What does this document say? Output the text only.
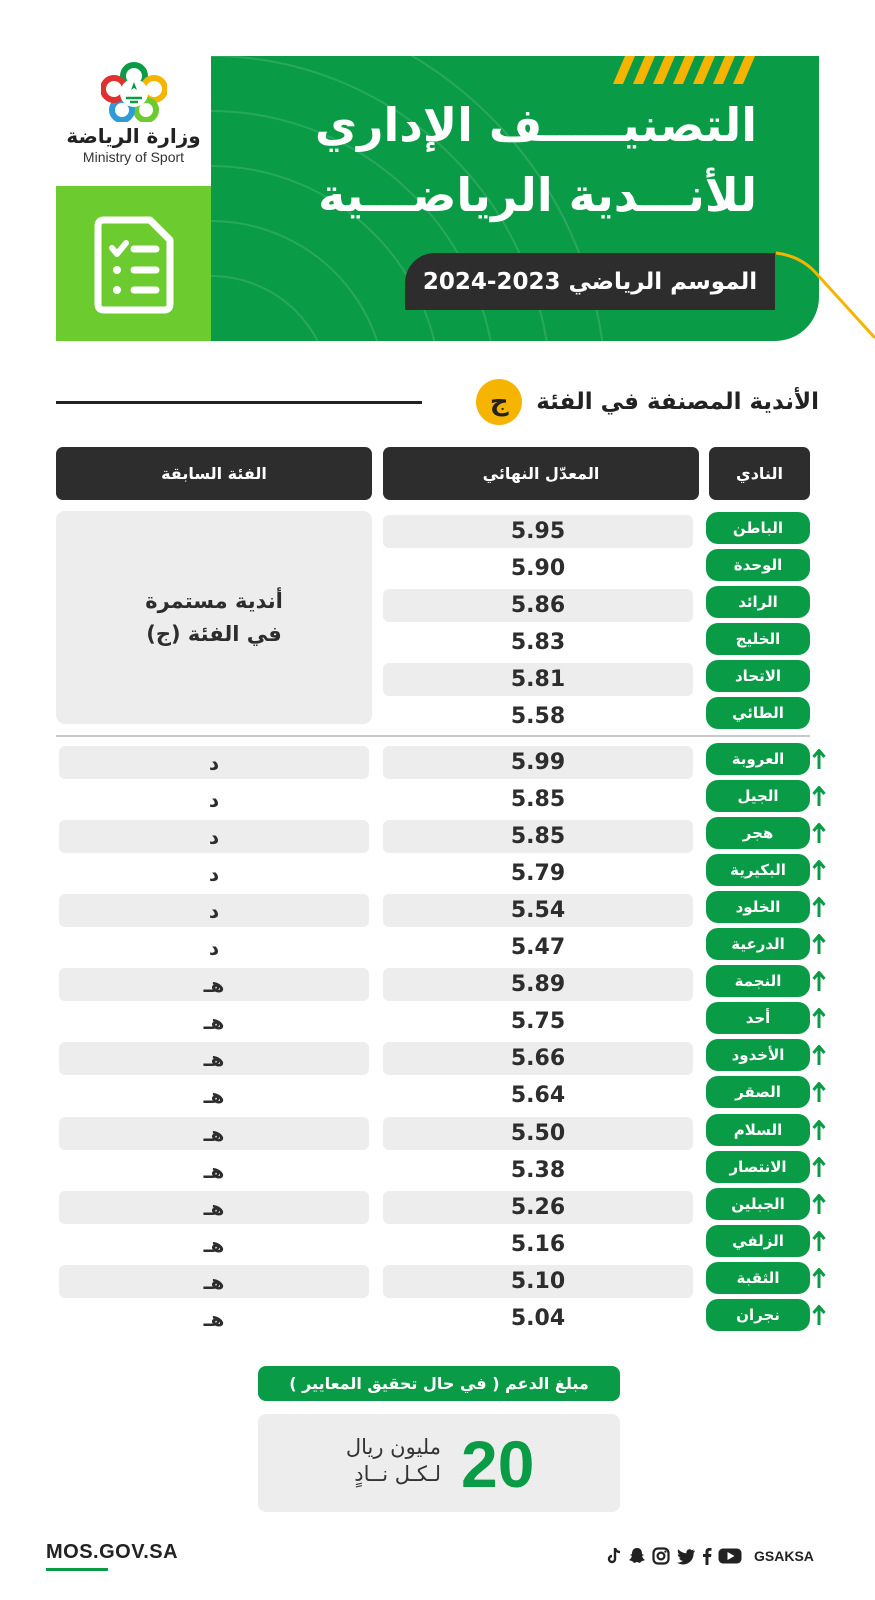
وزارة الرياضة
Ministry of Sport
التصنيـــــف الإداري
للأنـــدية الرياضـــية
الموسم الرياضي 2023-2024
الأندية المصنفة في الفئة
ج
النادي
المعدّل النهائي
الفئة السابقة
أندية مستمرة
في الفئة (ج)
الباطن
5.95
الوحدة
5.90
الرائد
5.86
الخليج
5.83
الاتحاد
5.81
الطائي
5.58
العروبة
5.99
د
الجيل
5.85
د
هجر
5.85
د
البكيرية
5.79
د
الخلود
5.54
د
الدرعية
5.47
د
النجمة
5.89
هـ
أحد
5.75
هـ
الأخدود
5.66
هـ
الصقر
5.64
هـ
السلام
5.50
هـ
الانتصار
5.38
هـ
الجبلين
5.26
هـ
الزلفي
5.16
هـ
الثقبة
5.10
هـ
نجران
5.04
هـ
مبلغ الدعم ( في حال تحقيق المعايير )
20
مليون ريال
لـكـل نــادٍ
MOS.GOV.SA	GSAKSA
